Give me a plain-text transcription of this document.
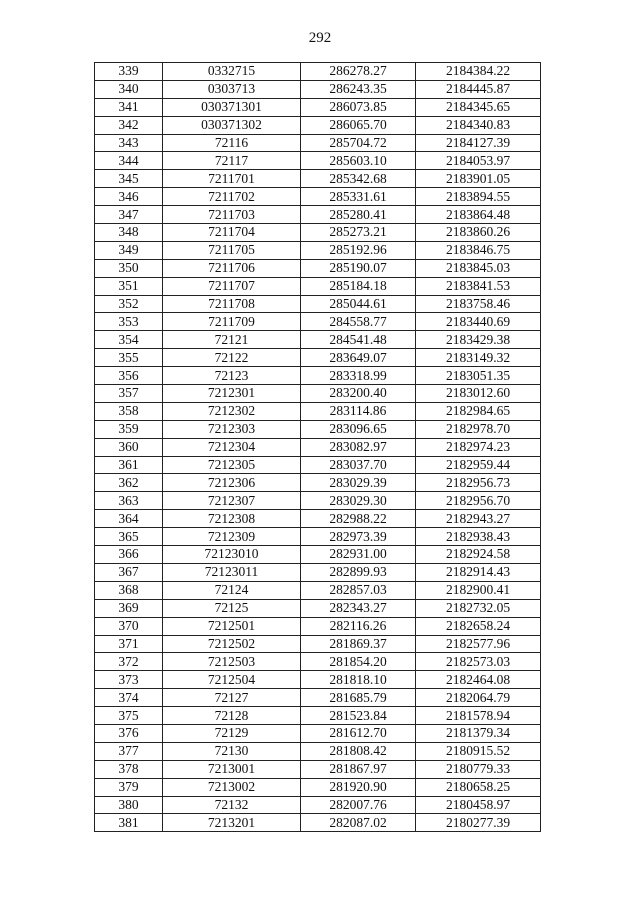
292
339	0332715	286278.27	2184384.22
340	0303713	286243.35	2184445.87
341	030371301	286073.85	2184345.65
342	030371302	286065.70	2184340.83
343	72116	285704.72	2184127.39
344	72117	285603.10	2184053.97
345	7211701	285342.68	2183901.05
346	7211702	285331.61	2183894.55
347	7211703	285280.41	2183864.48
348	7211704	285273.21	2183860.26
349	7211705	285192.96	2183846.75
350	7211706	285190.07	2183845.03
351	7211707	285184.18	2183841.53
352	7211708	285044.61	2183758.46
353	7211709	284558.77	2183440.69
354	72121	284541.48	2183429.38
355	72122	283649.07	2183149.32
356	72123	283318.99	2183051.35
357	7212301	283200.40	2183012.60
358	7212302	283114.86	2182984.65
359	7212303	283096.65	2182978.70
360	7212304	283082.97	2182974.23
361	7212305	283037.70	2182959.44
362	7212306	283029.39	2182956.73
363	7212307	283029.30	2182956.70
364	7212308	282988.22	2182943.27
365	7212309	282973.39	2182938.43
366	72123010	282931.00	2182924.58
367	72123011	282899.93	2182914.43
368	72124	282857.03	2182900.41
369	72125	282343.27	2182732.05
370	7212501	282116.26	2182658.24
371	7212502	281869.37	2182577.96
372	7212503	281854.20	2182573.03
373	7212504	281818.10	2182464.08
374	72127	281685.79	2182064.79
375	72128	281523.84	2181578.94
376	72129	281612.70	2181379.34
377	72130	281808.42	2180915.52
378	7213001	281867.97	2180779.33
379	7213002	281920.90	2180658.25
380	72132	282007.76	2180458.97
381	7213201	282087.02	2180277.39
